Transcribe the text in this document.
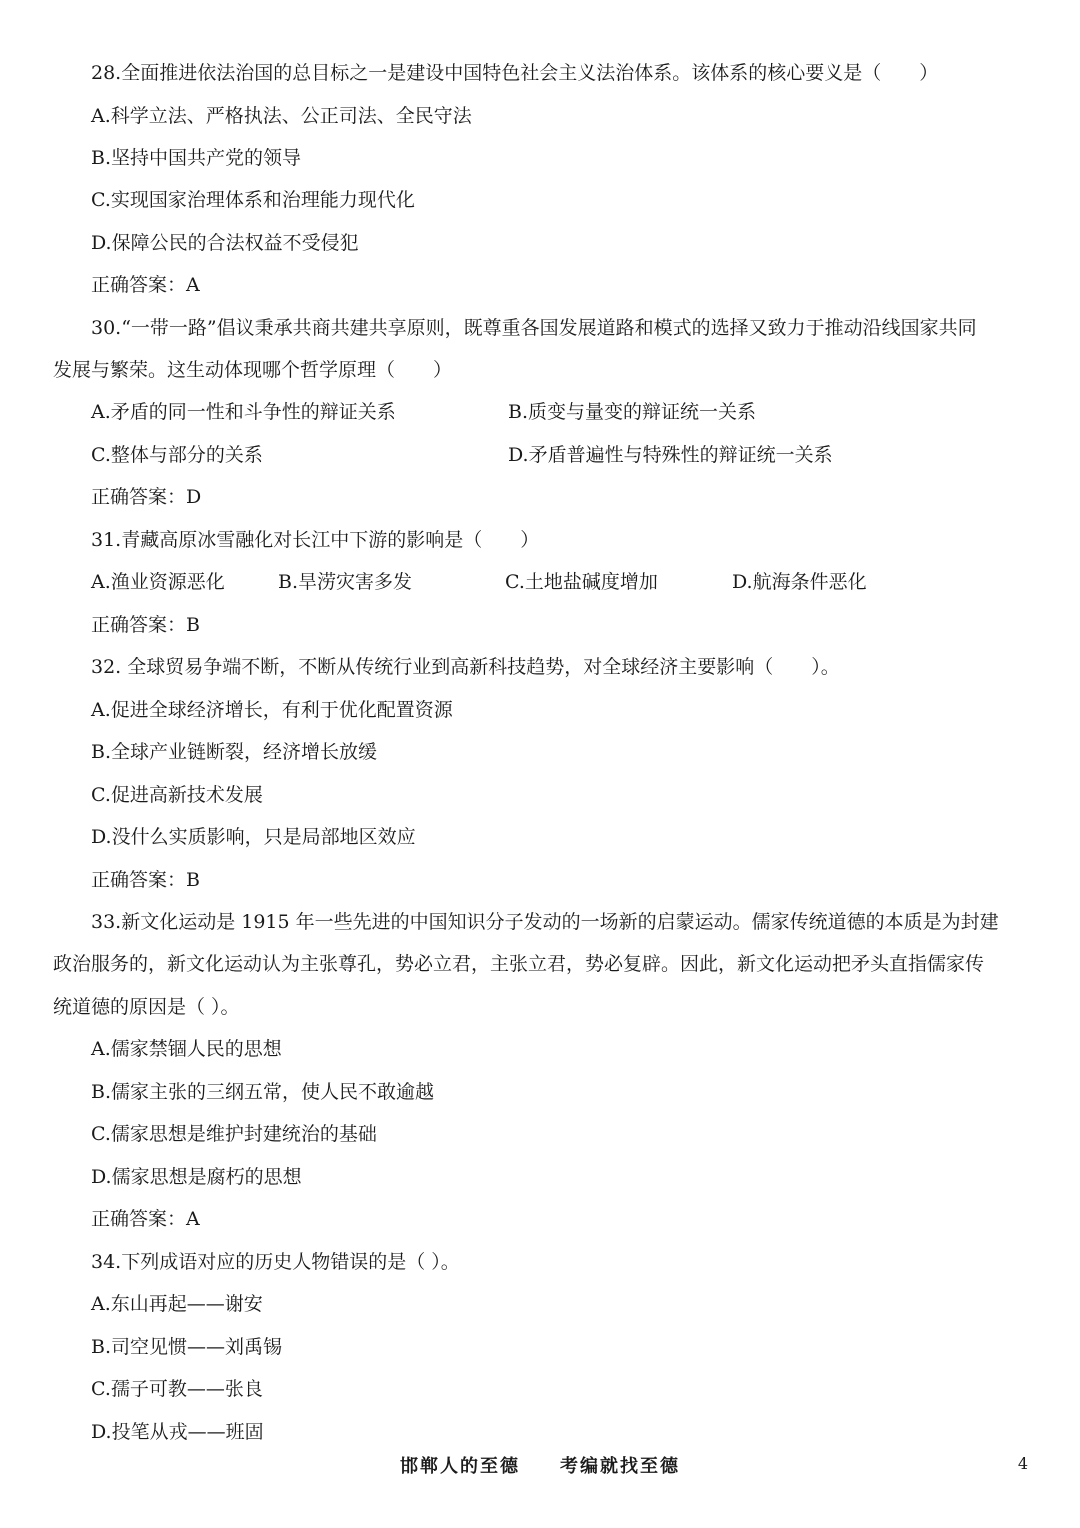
28.全面推进依法治国的总目标之一是建设中国特色社会主义法治体系。该体系的核心要义是（　　）
A.科学立法、严格执法、公正司法、全民守法
B.坚持中国共产党的领导
C.实现国家治理体系和治理能力现代化
D.保障公民的合法权益不受侵犯
正确答案：A
30.“一带一路”倡议秉承共商共建共享原则，既尊重各国发展道路和模式的选择又致力于推动沿线国家共同
发展与繁荣。这生动体现哪个哲学原理（　　）
A.矛盾的同一性和斗争性的辩证关系	B.质变与量变的辩证统一关系
C.整体与部分的关系	D.矛盾普遍性与特殊性的辩证统一关系
正确答案：D
31.青藏高原冰雪融化对长江中下游的影响是（　　）
A.渔业资源恶化	B.旱涝灾害多发	C.土地盐碱度增加	D.航海条件恶化
正确答案：B
32. 全球贸易争端不断，不断从传统行业到高新科技趋势，对全球经济主要影响（　　）。
A.促进全球经济增长，有利于优化配置资源
B.全球产业链断裂，经济增长放缓
C.促进高新技术发展
D.没什么实质影响，只是局部地区效应
正确答案：B
33.新文化运动是 1915 年一些先进的中国知识分子发动的一场新的启蒙运动。儒家传统道德的本质是为封建
政治服务的，新文化运动认为主张尊孔，势必立君，主张立君，势必复辟。因此，新文化运动把矛头直指儒家传
统道德的原因是（ ）。
A.儒家禁锢人民的思想
B.儒家主张的三纲五常，使人民不敢逾越
C.儒家思想是维护封建统治的基础
D.儒家思想是腐朽的思想
正确答案：A
34.下列成语对应的历史人物错误的是（ ）。
A.东山再起——谢安
B.司空见惯——刘禹锡
C.孺子可教——张良
D.投笔从戎——班固
邯郸人的至德　　考编就找至德	4
